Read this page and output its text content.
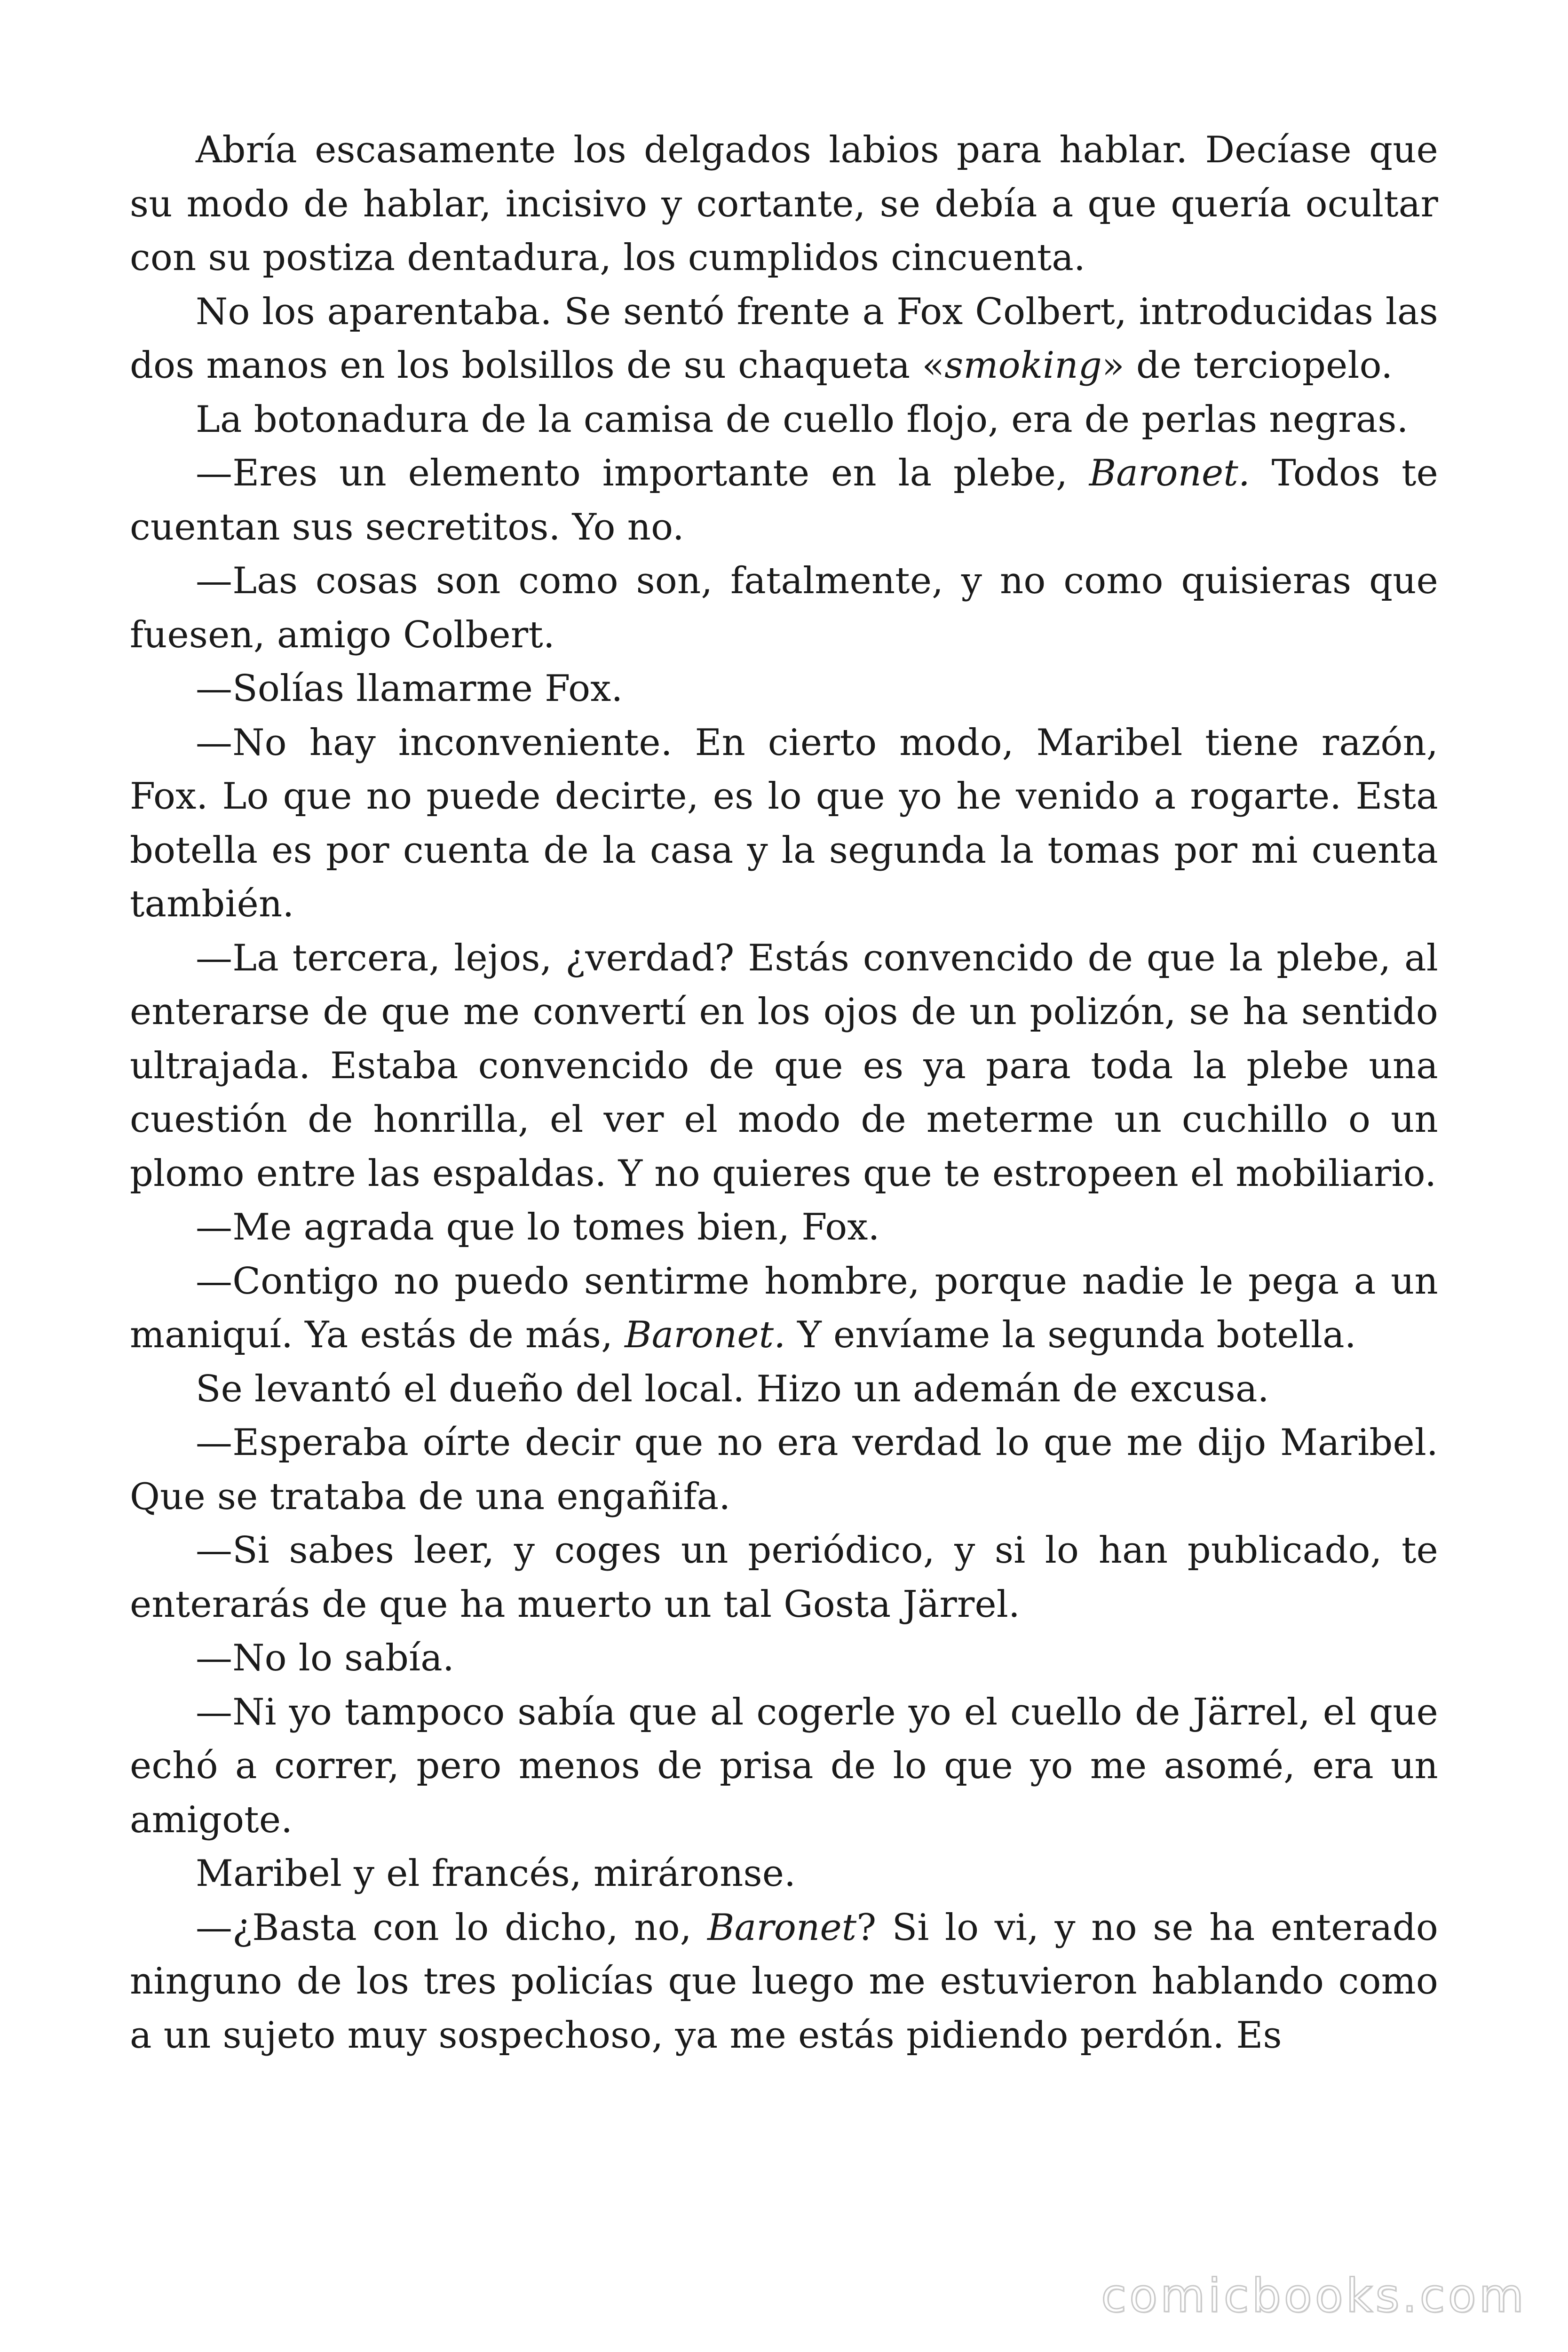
Abría escasamente los delgados labios para hablar. Decíase que su modo de hablar, incisivo y cortante, se debía a que quería ocultar con su postiza dentadura, los cumplidos cincuenta.

No los aparentaba. Se sentó frente a Fox Colbert, introducidas las dos manos en los bolsillos de su chaqueta «smoking» de terciopelo.

La botonadura de la camisa de cuello flojo, era de perlas negras.

—Eres un elemento importante en la plebe, Baronet. Todos te cuentan sus secretitos. Yo no.

—Las cosas son como son, fatalmente, y no como quisieras que fuesen, amigo Colbert.

—Solías llamarme Fox.

—No hay inconveniente. En cierto modo, Maribel tiene razón, Fox. Lo que no puede decirte, es lo que yo he venido a rogarte. Esta botella es por cuenta de la casa y la segunda la tomas por mi cuenta también.

—La tercera, lejos, ¿verdad? Estás convencido de que la plebe, al enterarse de que me convertí en los ojos de un polizón, se ha sentido ultrajada. Estaba convencido de que es ya para toda la plebe una cuestión de honrilla, el ver el modo de meterme un cuchillo o un plomo entre las espaldas. Y no quieres que te estropeen el mobiliario.

—Me agrada que lo tomes bien, Fox.

—Contigo no puedo sentirme hombre, porque nadie le pega a un maniquí. Ya estás de más, Baronet. Y envíame la segunda botella.

Se levantó el dueño del local. Hizo un ademán de excusa.

—Esperaba oírte decir que no era verdad lo que me dijo Maribel. Que se trataba de una engañifa.

—Si sabes leer, y coges un periódico, y si lo han publicado, te enterarás de que ha muerto un tal Gosta Järrel.

—No lo sabía.

—Ni yo tampoco sabía que al cogerle yo el cuello de Järrel, el que echó a correr, pero menos de prisa de lo que yo me asomé, era un amigote.

Maribel y el francés, miráronse.

—¿Basta con lo dicho, no, Baronet? Si lo vi, y no se ha enterado ninguno de los tres policías que luego me estuvieron hablando como a un sujeto muy sospechoso, ya me estás pidiendo perdón. Es

comicbooks.com
